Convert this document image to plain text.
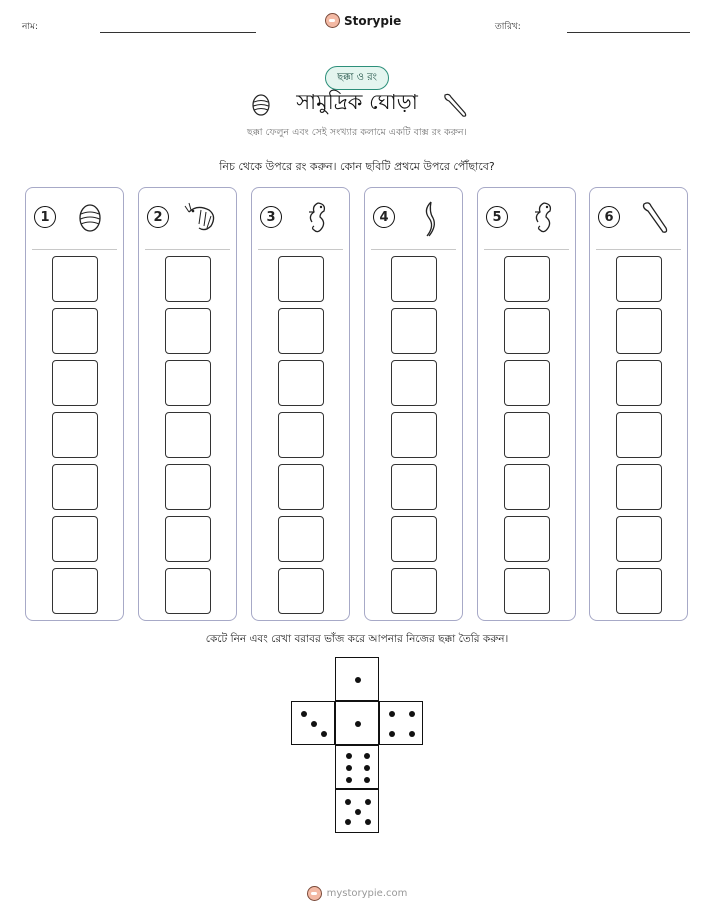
নাম:	Storypie	তারিখ:
ছক্কা ও রং
সামুদ্রিক ঘোড়া
ছক্কা ফেলুন এবং সেই সংখ্যার কলামে একটি বাক্স রং করুন।
নিচ থেকে উপরে রং করুন। কোন ছবিটি প্রথমে উপরে পৌঁছাবে?
1	2	3	4	5	6
কেটে নিন এবং রেখা বরাবর ভাঁজ করে আপনার নিজের ছক্কা তৈরি করুন।
mystorypie.com
